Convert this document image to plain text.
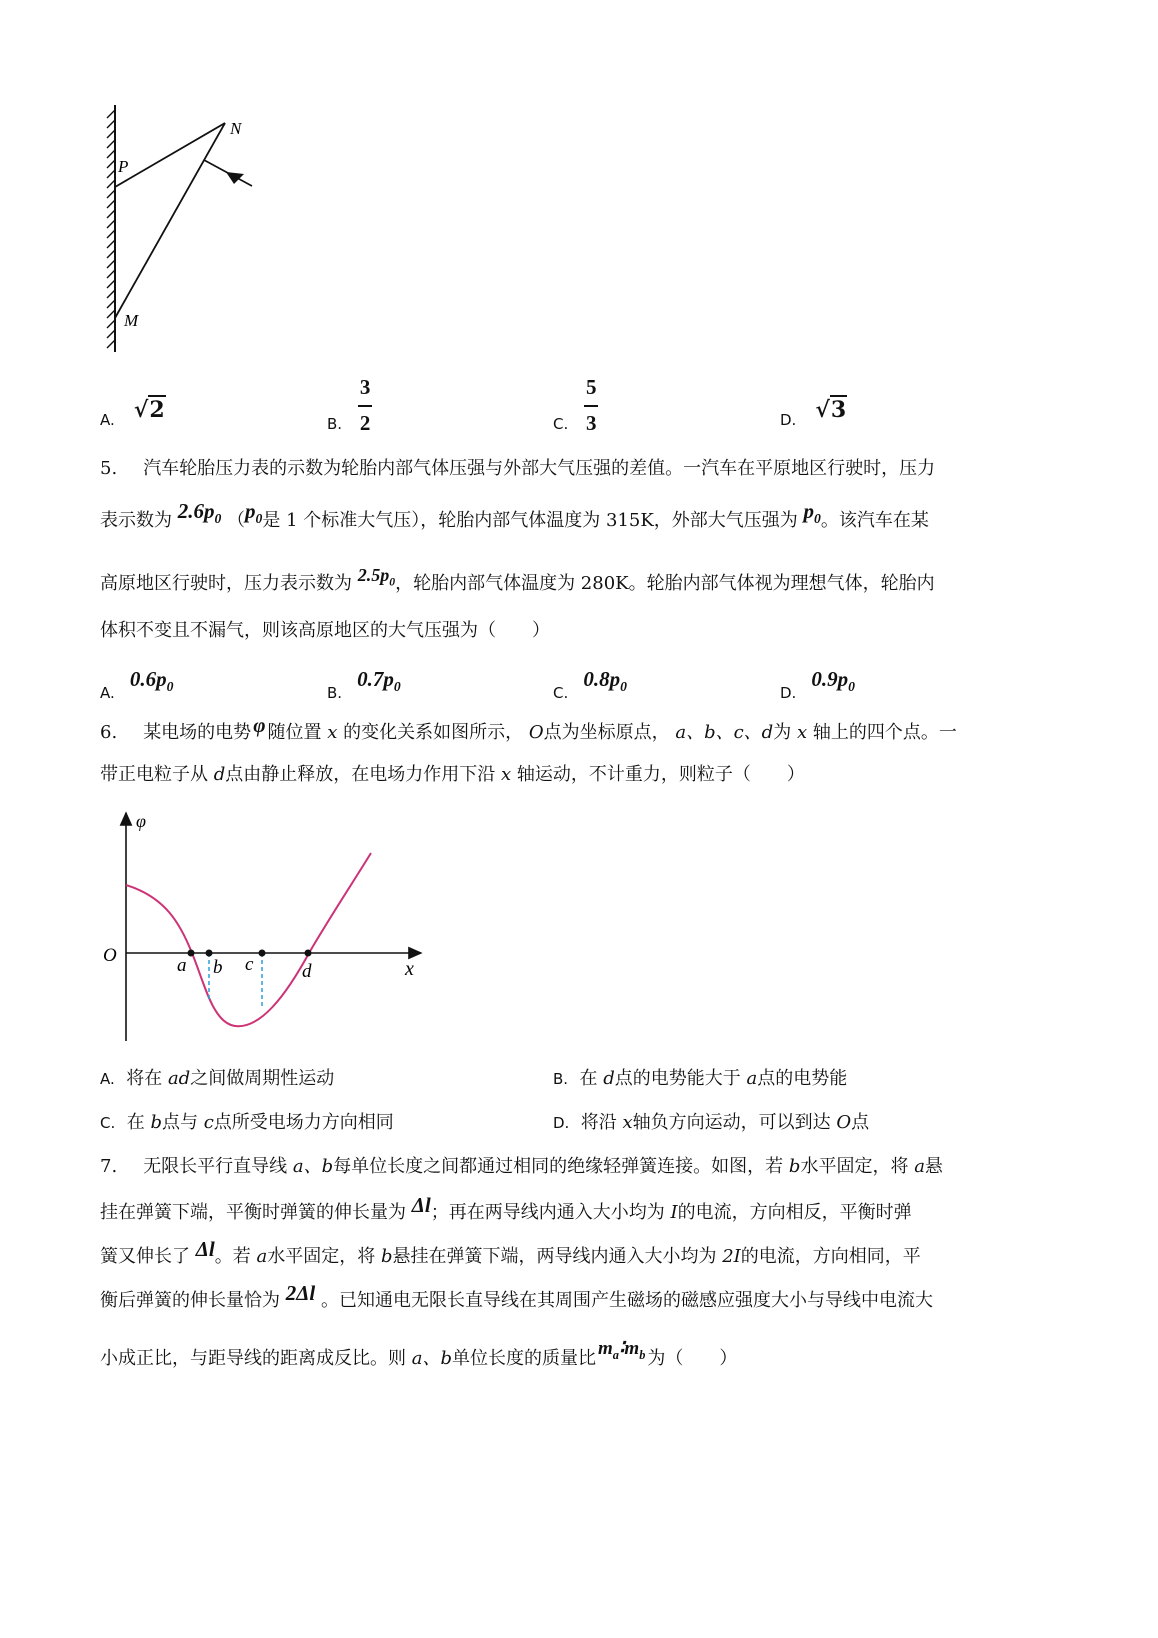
N
P
M
A. √2
B. $\frac{3}{2}$	C. $\frac{5}{3}$	D. √3
5. 汽车轮胎压力表的示数为轮胎内部气体压强与外部大气压强的差值。一汽车在平原地区行驶时，压力
表示数为 $2.6p_0$ （$p_0$是 1 个标准大气压），轮胎内部气体温度为 315K，外部大气压强为 $p_0$。该汽车在某
高原地区行驶时，压力表示数为 $2.5p_0$，轮胎内部气体温度为 280K。轮胎内部气体视为理想气体，轮胎内
体积不变且不漏气，则该高原地区的大气压强为（　　）
A. $0.6p_0$	B. $0.7p_0$	C. $0.8p_0$	D. $0.9p_0$
6. 某电场的电势φ 随位置 x 的变化关系如图所示， O点为坐标原点， a、b、c、d为 x 轴上的四个点。一
带正电粒子从 d点由静止释放，在电场力作用下沿 x 轴运动，不计重力，则粒子（　　）
φ
O
x
a b c	d
A. 将在 ad之间做周期性运动	B. 在 d点的电势能大于 a点的电势能
C. 在 b点与 c点所受电场力方向相同	D. 将沿 x轴负方向运动，可以到达 O点
7. 无限长平行直导线 a、b每单位长度之间都通过相同的绝缘轻弹簧连接。如图，若 b水平固定，将 a悬
挂在弹簧下端，平衡时弹簧的伸长量为 Δl；再在两导线内通入大小均为 I的电流，方向相反，平衡时弹
簧又伸长了 Δl。若 a水平固定，将 b悬挂在弹簧下端，两导线内通入大小均为 2I的电流，方向相同，平
衡后弹簧的伸长量恰为 2Δl 。已知通电无限长直导线在其周围产生磁场的磁感应强度大小与导线中电流大
小成正比，与距导线的距离成反比。则 a、b单位长度的质量比 $m_a∶m_b$ 为（　　）
